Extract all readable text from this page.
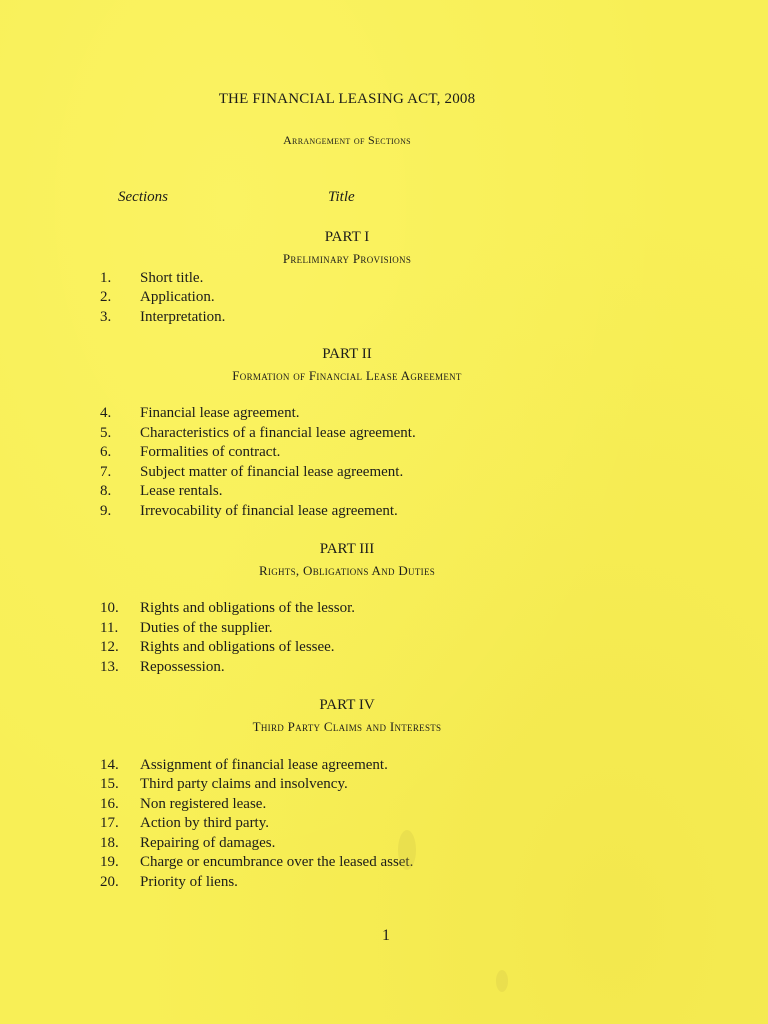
THE FINANCIAL LEASING ACT, 2008
Arrangement of Sections
Sections	Title
PART I
Preliminary Provisions
1.	Short title.
2.	Application.
3.	Interpretation.
PART II
Formation of Financial Lease Agreement
4.	Financial lease agreement.
5.	Characteristics of a financial lease agreement.
6.	Formalities of contract.
7.	Subject matter of financial lease agreement.
8.	Lease rentals.
9.	Irrevocability of financial lease agreement.
PART III
Rights, Obligations And Duties
10.	Rights and obligations of the lessor.
11.	Duties of the supplier.
12.	Rights and obligations of lessee.
13.	Repossession.
PART IV
Third Party Claims and Interests
14.	Assignment of financial lease agreement.
15.	Third party claims and insolvency.
16.	Non registered lease.
17.	Action by third party.
18.	Repairing of damages.
19.	Charge or encumbrance over the leased asset.
20.	Priority of liens.
1
